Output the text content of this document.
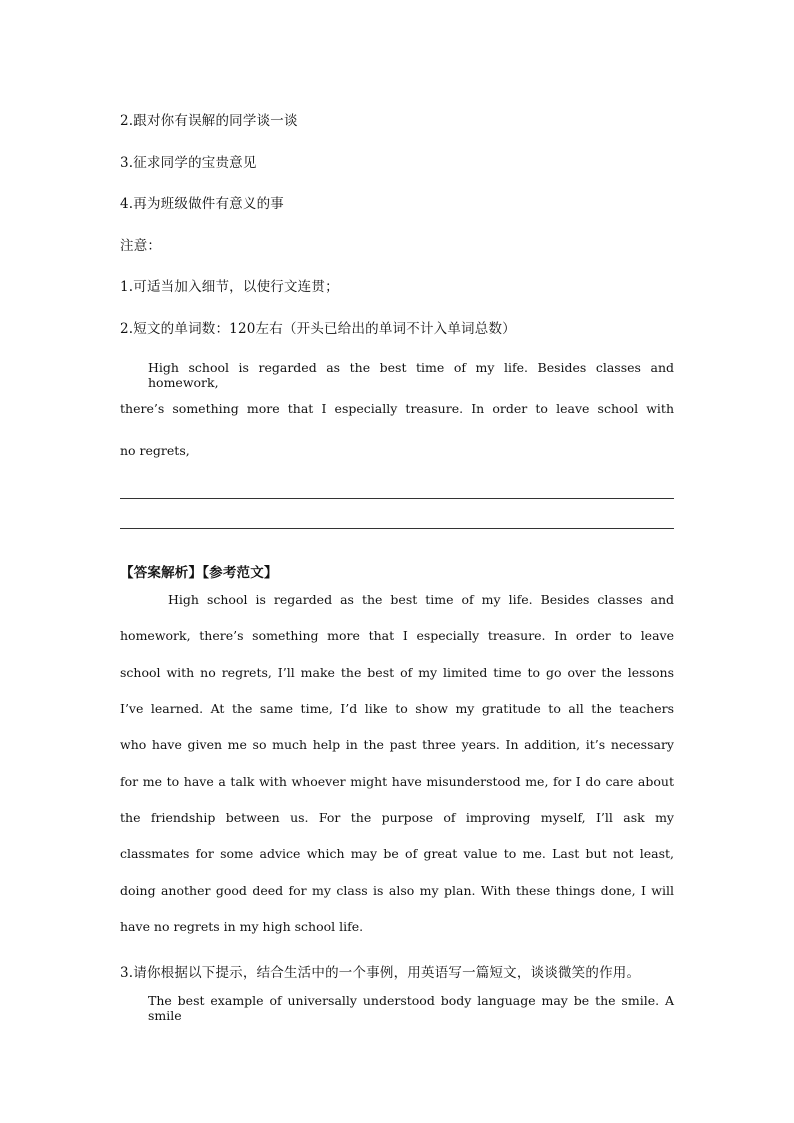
2.跟对你有误解的同学谈一谈
3.征求同学的宝贵意见
4.再为班级做件有意义的事
注意：
1.可适当加入细节，以使行文连贯；
2.短文的单词数：120左右（开头已给出的单词不计入单词总数）
High school is regarded as the best time of my life. Besides classes and homework,
there’s something more that I especially treasure. In order to leave school with
no regrets,
【答案解析】【参考范文】
High school is regarded as the best time of my life. Besides classes and
homework, there’s something more that I especially treasure. In order to leave
school with no regrets, I’ll make the best of my limited time to go over the lessons
I’ve learned. At the same time, I’d like to show my gratitude to all the teachers
who have given me so much help in the past three years. In addition, it’s necessary
for me to have a talk with whoever might have misunderstood me, for I do care about
the friendship between us. For the purpose of improving myself, I’ll ask my
classmates for some advice which may be of great value to me. Last but not least,
doing another good deed for my class is also my plan. With these things done, I will
have no regrets in my high school life.
3.请你根据以下提示，结合生活中的一个事例，用英语写一篇短文，谈谈微笑的作用。
The best example of universally understood body language may be the smile. A smile
